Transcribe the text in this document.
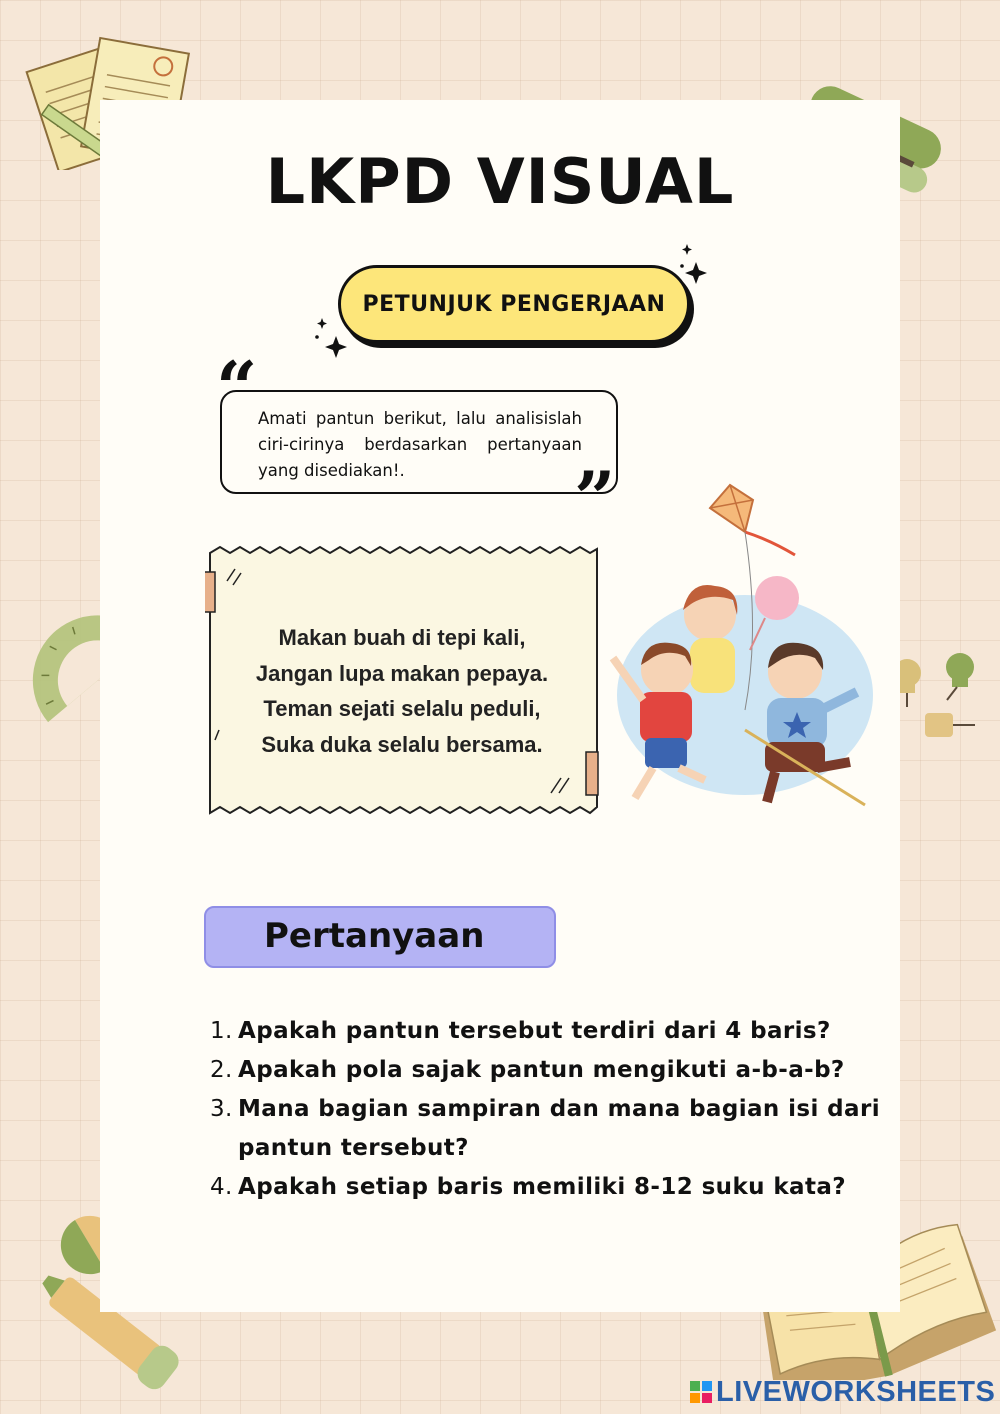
LKPD VISUAL
PETUNJUK PENGERJAAN
Amati pantun berikut, lalu analisislah ciri-cirinya berdasarkan pertanyaan yang disediakan!.
“
”
Makan buah di tepi kali,
Jangan lupa makan pepaya.
Teman sejati selalu peduli,
Suka duka selalu bersama.
Pertanyaan
1. Apakah pantun tersebut terdiri dari 4 baris?
2. Apakah pola sajak pantun mengikuti a-b-a-b?
3. Mana bagian sampiran dan mana bagian isi dari pantun tersebut?
4. Apakah setiap baris memiliki 8-12 suku kata?
LIVEWORKSHEETS
